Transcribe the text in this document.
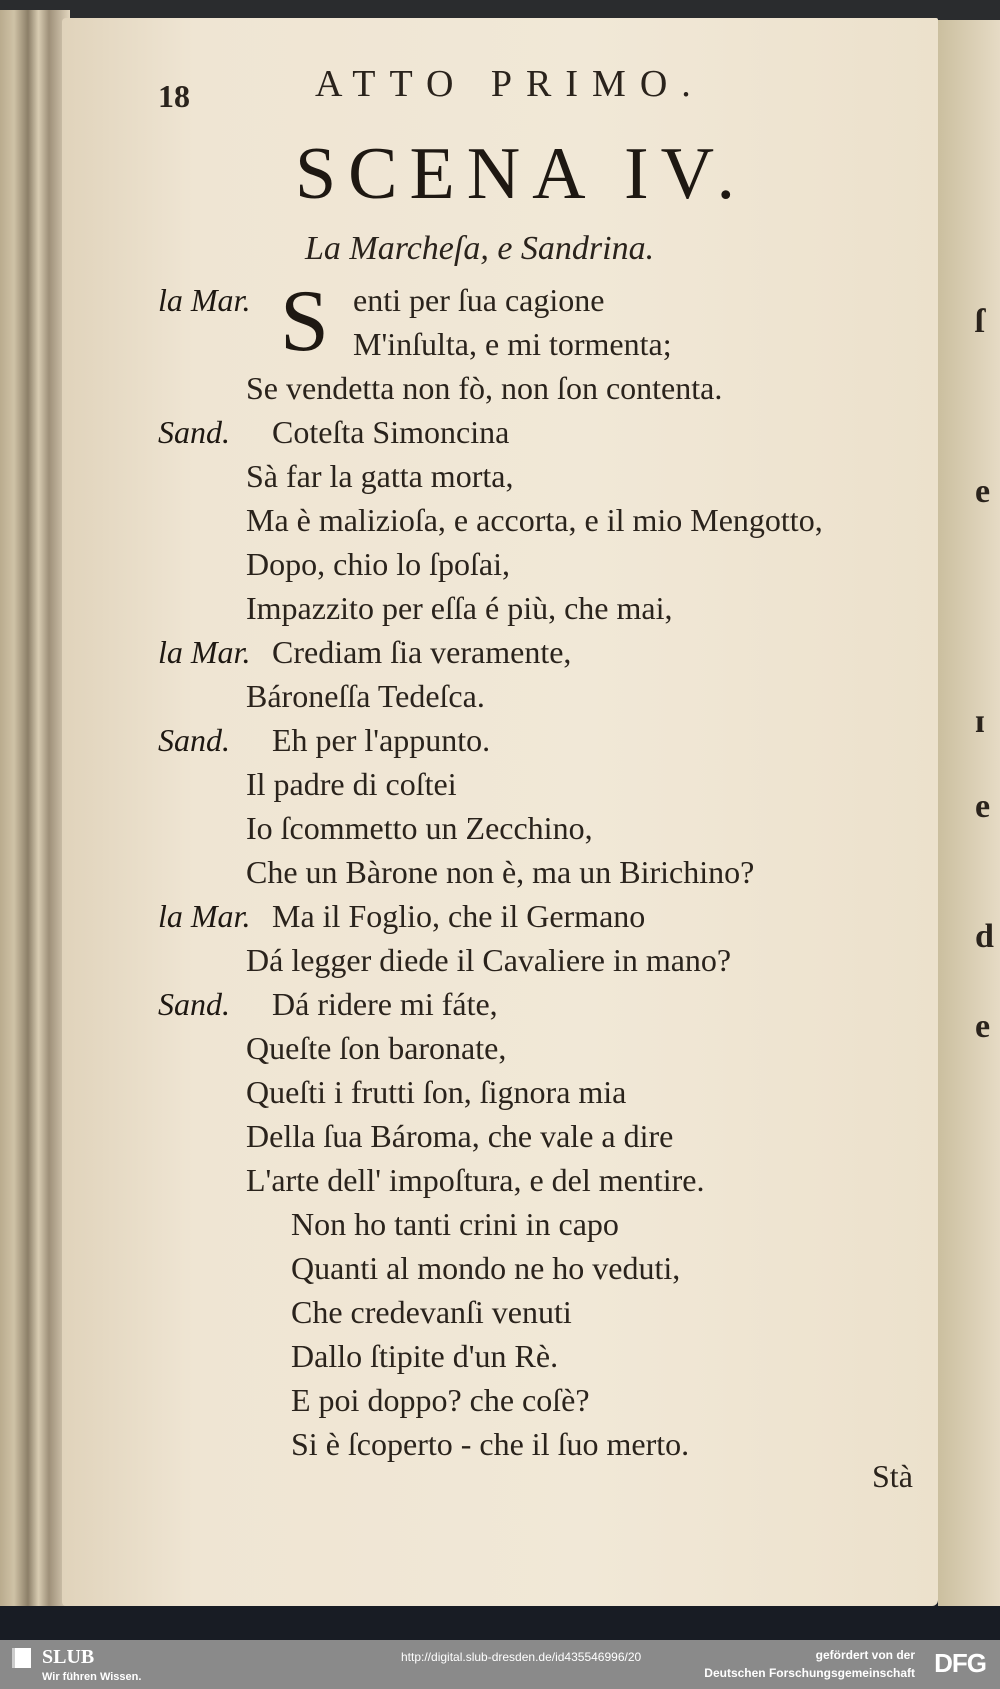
ſ
e
ɪ
e
d
e
18	ATTO PRIMO.
SCENA IV.
La Marcheſa, e Sandrina.
S
la Mar.	enti per ſua cagione
M'inſulta, e mi tormenta;
Se vendetta non fò, non ſon contenta.
Sand. Coteſta Simoncina
Sà far la gatta morta,
Ma è malizioſa, e accorta, e il mio Mengotto,
Dopo, chio lo ſpoſai,
Impazzito per eſſa é più, che mai,
la Mar. Crediam ſia veramente,
Bároneſſa Tedeſca.
Sand. Eh per l'appunto.
Il padre di coſtei
Io ſcommetto un Zecchino,
Che un Bàrone non è, ma un Birichino?
la Mar. Ma il Foglio, che il Germano
Dá legger diede il Cavaliere in mano?
Sand. Dá ridere mi fáte,
Queſte ſon baronate,
Queſti i frutti ſon, ſignora mia
Della ſua Bároma, che vale a dire
L'arte dell' impoſtura, e del mentire.
Non ho tanti crini in capo
Quanti al mondo ne ho veduti,
Che credevanſi venuti
Dallo ſtipite d'un Rè.
E poi doppo? che coſè?
Si è ſcoperto - che il ſuo merto.
Stà
SLUB
Wir führen Wissen.
http://digital.slub-dresden.de/id435546996/20	gefördert von der
Deutschen Forschungsgemeinschaft DFG
